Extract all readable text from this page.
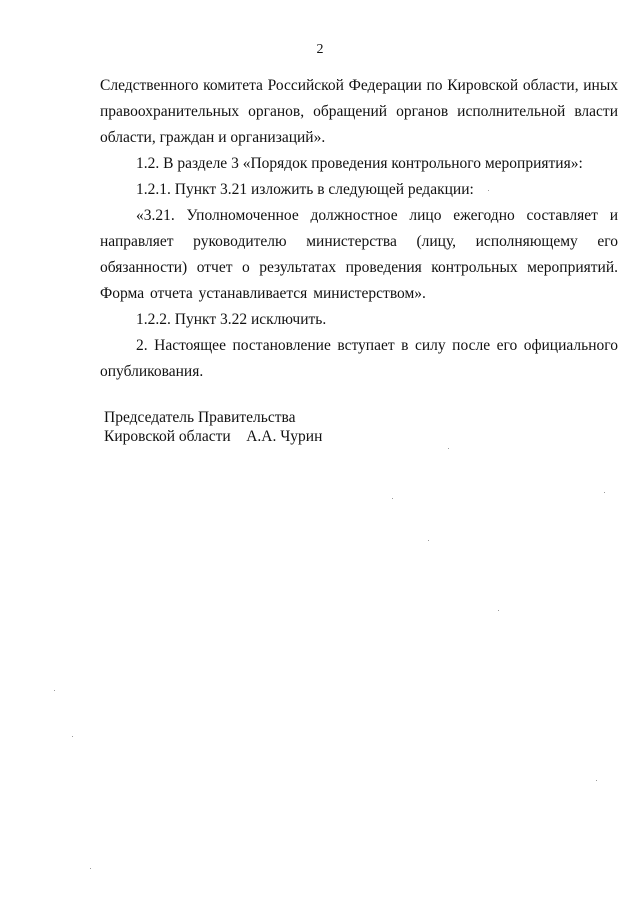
2

Следственного комитета Российской Федерации по Кировской области, иных правоохранительных органов, обращений органов исполнительной власти области, граждан и организаций».

1.2. В разделе 3 «Порядок проведения контрольного мероприятия»:

1.2.1. Пункт 3.21 изложить в следующей редакции:

«3.21. Уполномоченное должностное лицо ежегодно составляет и направляет руководителю министерства (лицу, исполняющему его обязанности) отчет о результатах проведения контрольных мероприятий. Форма отчета устанавливается министерством».

1.2.2. Пункт 3.22 исключить.

2. Настоящее постановление вступает в силу после его официального опубликования.

Председатель Правительства
Кировской области    А.А. Чурин
